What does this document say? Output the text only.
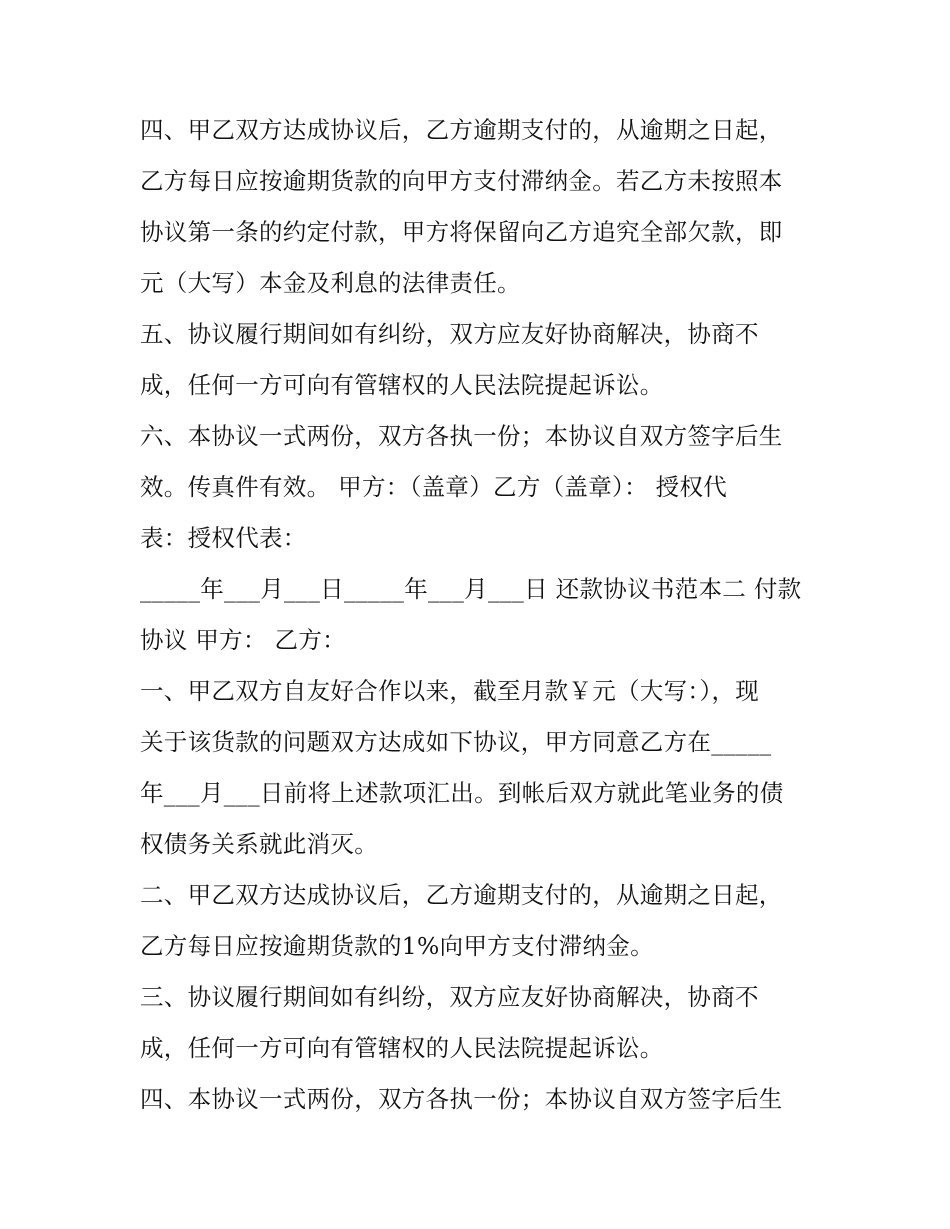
四、甲乙双方达成协议后，乙方逾期支付的，从逾期之日起，
乙方每日应按逾期货款的向甲方支付滞纳金。若乙方未按照本
协议第一条的约定付款，甲方将保留向乙方追究全部欠款，即
元（大写）本金及利息的法律责任。
五、协议履行期间如有纠纷，双方应友好协商解决，协商不
成，任何一方可向有管辖权的人民法院提起诉讼。
六、本协议一式两份，双方各执一份；本协议自双方签字后生
效。传真件有效。 甲方：（盖章）乙方（盖章）： 授权代
表：授权代表：
_____年___月___日_____年___月___日 还款协议书范本二 付款
协议 甲方： 乙方：
一、甲乙双方自友好合作以来，截至月款￥元（大写：），现
关于该货款的问题双方达成如下协议，甲方同意乙方在_____
年___月___日前将上述款项汇出。到帐后双方就此笔业务的债
权债务关系就此消灭。
二、甲乙双方达成协议后，乙方逾期支付的，从逾期之日起，
乙方每日应按逾期货款的1%向甲方支付滞纳金。
三、协议履行期间如有纠纷，双方应友好协商解决，协商不
成，任何一方可向有管辖权的人民法院提起诉讼。
四、本协议一式两份，双方各执一份；本协议自双方签字后生
